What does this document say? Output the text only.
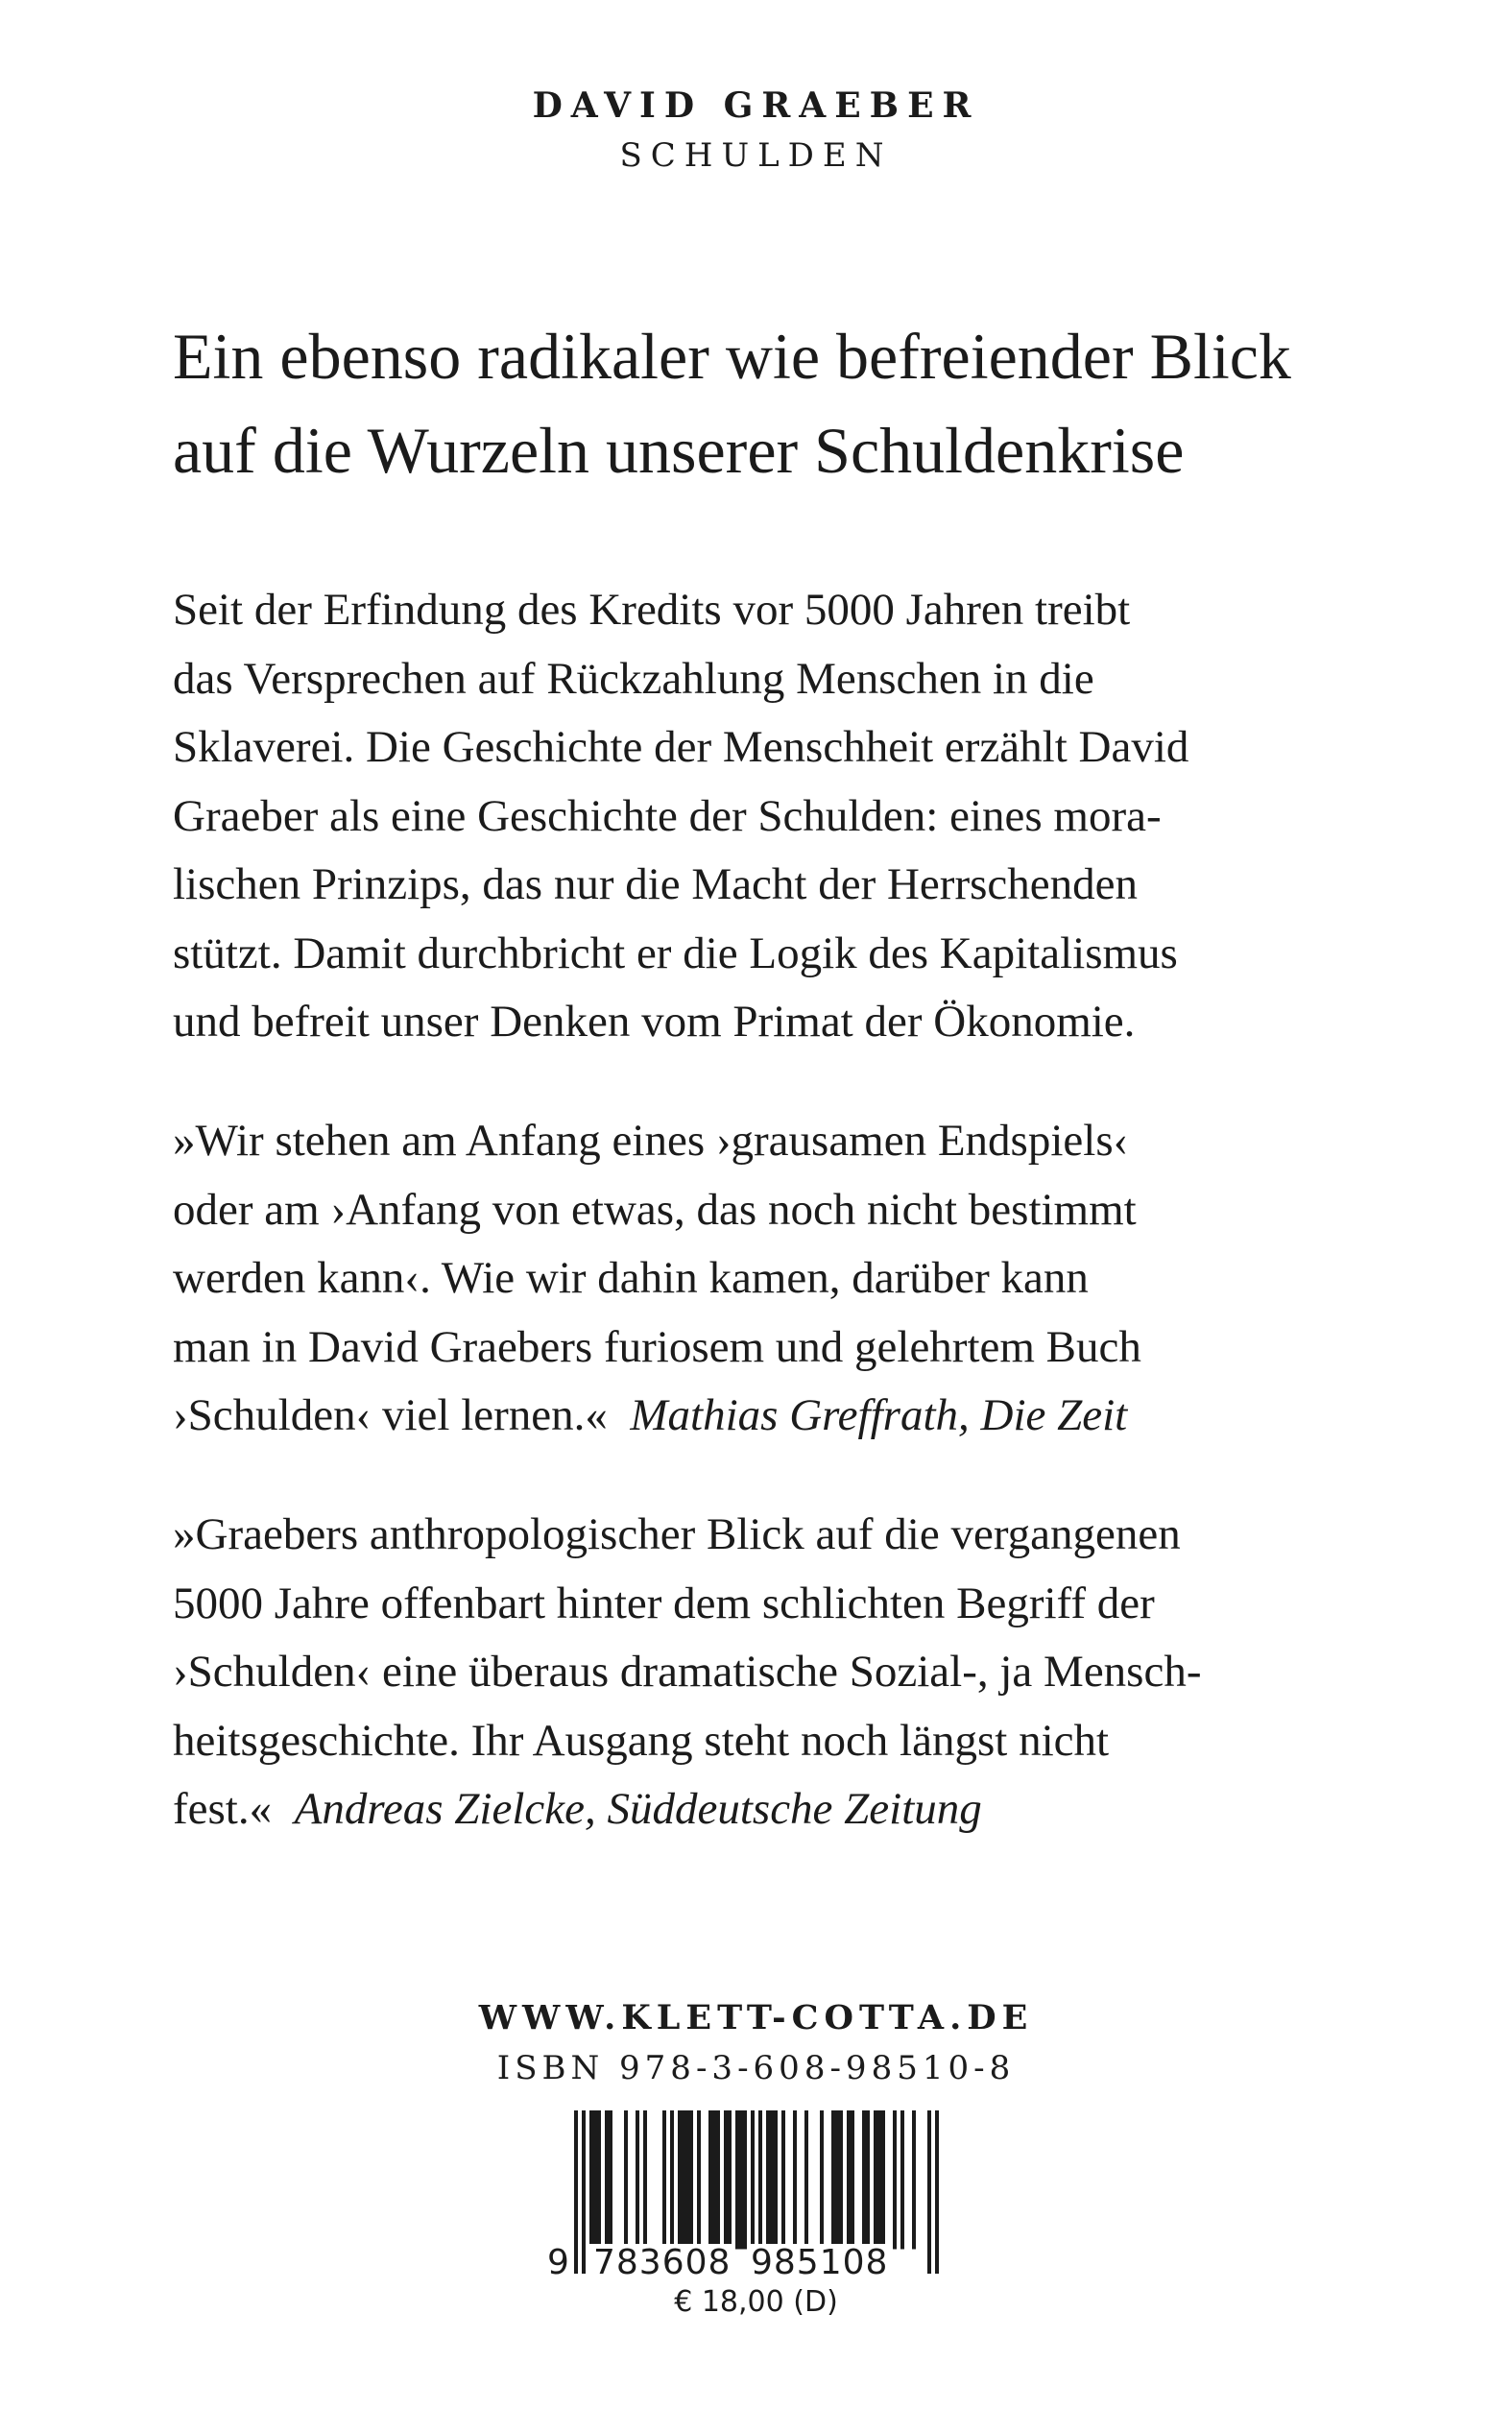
DAVID GRAEBER
SCHULDEN
Ein ebenso radikaler wie befreiender Blick
auf die Wurzeln unserer Schuldenkrise
Seit der Erfindung des Kredits vor 5000 Jahren treibt
das Versprechen auf Rückzahlung Menschen in die
Sklaverei. Die Geschichte der Menschheit erzählt David
Graeber als eine Geschichte der Schulden: eines mora-
lischen Prinzips, das nur die Macht der Herrschenden
stützt. Damit durchbricht er die Logik des Kapitalismus
und befreit unser Denken vom Primat der Ökonomie.
»Wir stehen am Anfang eines ›grausamen Endspiels‹
oder am ›Anfang von etwas, das noch nicht bestimmt
werden kann‹. Wie wir dahin kamen, darüber kann
man in David Graebers furiosem und gelehrtem Buch
›Schulden‹ viel lernen.« Mathias Greffrath, Die Zeit
»Graebers anthropologischer Blick auf die vergangenen
5000 Jahre offenbart hinter dem schlichten Begriff der
›Schulden‹ eine überaus dramatische Sozial-, ja Mensch-
heitsgeschichte. Ihr Ausgang steht noch längst nicht
fest.« Andreas Zielcke, Süddeutsche Zeitung
WWW.KLETT-COTTA.DE
ISBN 978-3-608-98510-8
9 783608 985108
€ 18,00 (D)
